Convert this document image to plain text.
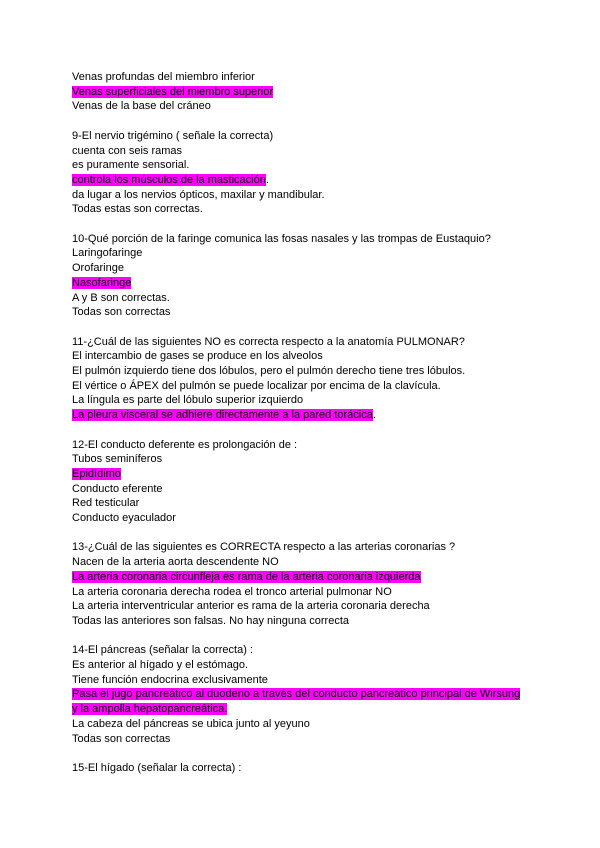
Venas profundas del miembro inferior
Venas superficiales del miembro superior
Venas de la base del cráneo
9-El nervio trigémino ( señale la correcta)
cuenta con seis ramas
es puramente sensorial.
controla los músculos de la masticación.
da lugar a los nervios ópticos, maxilar y mandibular.
Todas estas son correctas.
10-Qué porción de la faringe comunica las fosas nasales y las trompas de Eustaquio?
Laringofaringe
Orofaringe
Nasofaringe
A y B son correctas.
Todas son correctas
11-¿Cuál de las siguientes NO es correcta respecto a la anatomía PULMONAR?
El intercambio de gases se produce en los alveolos
El pulmón izquierdo tiene dos lóbulos, pero el pulmón derecho tiene tres lóbulos.
El vértice o ÁPEX del pulmón se puede localizar por encima de la clavícula.
La língula es parte del lóbulo superior izquierdo
La pleura visceral se adhiere directamente a la pared torácica.
12-El conducto deferente es prolongación de :
Tubos seminíferos
Epidídimo
Conducto eferente
Red testicular
Conducto eyaculador
13-¿Cuál de las siguientes es CORRECTA respecto a las arterias coronarias ?
Nacen de la arteria aorta descendente NO
La arteria coronaria circunfleja es rama de la arteria coronaria izquierda
La arteria coronaria derecha rodea el tronco arterial pulmonar NO
La arteria interventricular anterior es rama de la arteria coronaria derecha
Todas las anteriores son falsas. No hay ninguna correcta
14-El páncreas (señalar la correcta) :
Es anterior al hígado y el estómago.
Tiene función endocrina exclusivamente
Pasa el jugo pancreático al duodeno a través del conducto pancreático principal de Wirsung
y la ampolla hepatopancreática.
La cabeza del páncreas se ubica junto al yeyuno
Todas son correctas
15-El hígado (señalar la correcta) :
